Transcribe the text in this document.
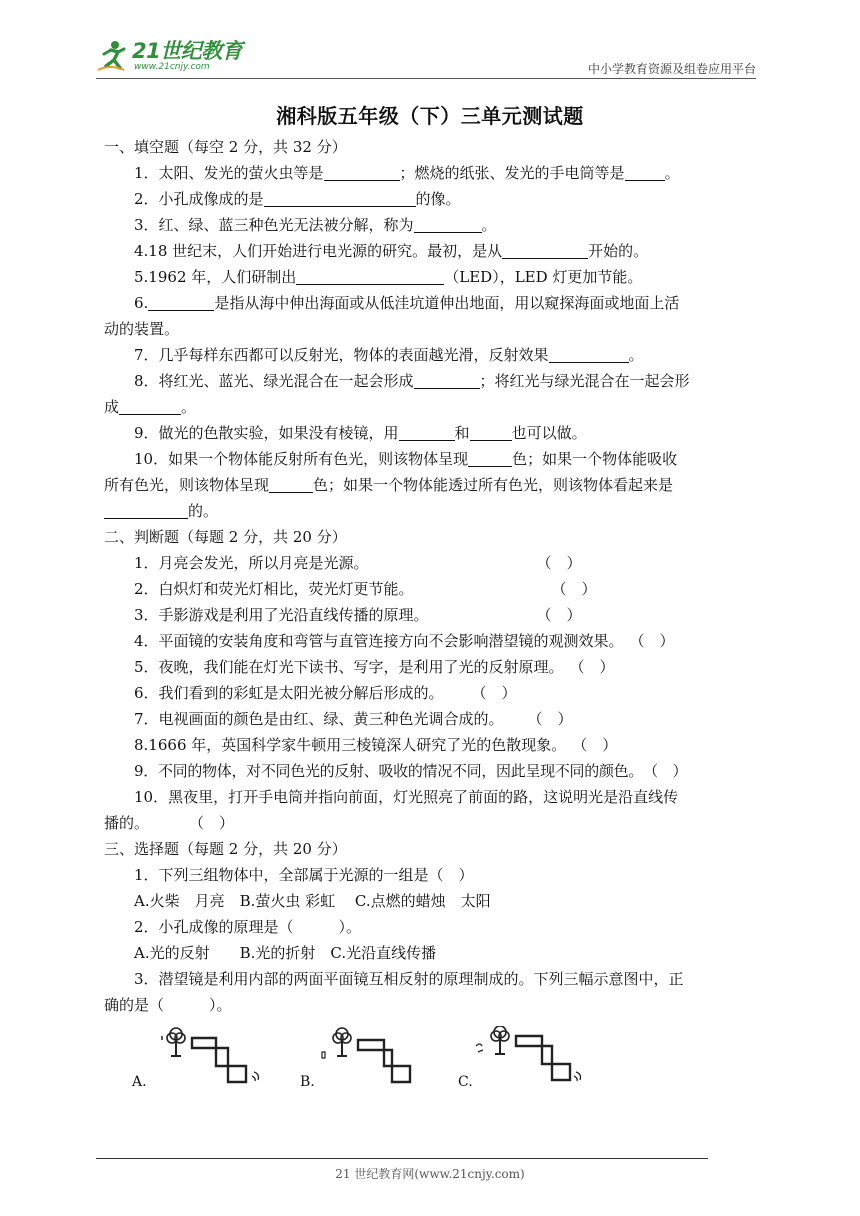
21世纪教育
www.21cnjy.com	中小学教育资源及组卷应用平台
湘科版五年级（下）三单元测试题
一、填空题（每空 2 分，共 32 分）
1．太阳、发光的萤火虫等是	；燃烧的纸张、发光的手电筒等是	。
2．小孔成像成的是	的像。
3．红、绿、蓝三种色光无法被分解，称为	。
4.18 世纪末，人们开始进行电光源的研究。最初，是从	开始的。
5.1962 年，人们研制出	（LED），LED 灯更加节能。
6.	是指从海中伸出海面或从低洼坑道伸出地面，用以窥探海面或地面上活
动的装置。
7．几乎每样东西都可以反射光，物体的表面越光滑，反射效果	。
8．将红光、蓝光、绿光混合在一起会形成	；将红光与绿光混合在一起会形
成	。
9．做光的色散实验，如果没有棱镜，用	和	也可以做。
10．如果一个物体能反射所有色光，则该物体呈现	色；如果一个物体能吸收
所有色光，则该物体呈现	色；如果一个物体能透过所有色光，则该物体看起来是
的。
二、判断题（每题 2 分，共 20 分）
1．月亮会发光，所以月亮是光源。	（　）
2．白炽灯和荧光灯相比，荧光灯更节能。	（　）
3．手影游戏是利用了光沿直线传播的原理。	（　）
4．平面镜的安装角度和弯管与直管连接方向不会影响潜望镜的观测效果。 （　）
5．夜晚，我们能在灯光下读书、写字，是利用了光的反射原理。 （　）
6．我们看到的彩虹是太阳光被分解后形成的。 （　）
7．电视画面的颜色是由红、绿、黄三种色光调合成的。 （　）
8.1666 年，英国科学家牛顿用三棱镜深人研究了光的色散现象。 （　）
9．不同的物体，对不同色光的反射、吸收的情况不同，因此呈现不同的颜色。（　）
10．黑夜里，打开手电筒并指向前面，灯光照亮了前面的路，这说明光是沿直线传
播的。	（　）
三、选择题（每题 2 分，共 20 分）
1．下列三组物体中，全部属于光源的一组是（　）
A.火柴　月亮　B.萤火虫 彩虹　 C.点燃的蜡烛　太阳
2．小孔成像的原理是（　　　）。
A.光的反射　　B.光的折射　C.光沿直线传播
3．潜望镜是利用内部的两面平面镜互相反射的原理制成的。下列三幅示意图中，正
确的是（　　　）。
A.	B.	C.
21 世纪教育网(www.21cnjy.com)
